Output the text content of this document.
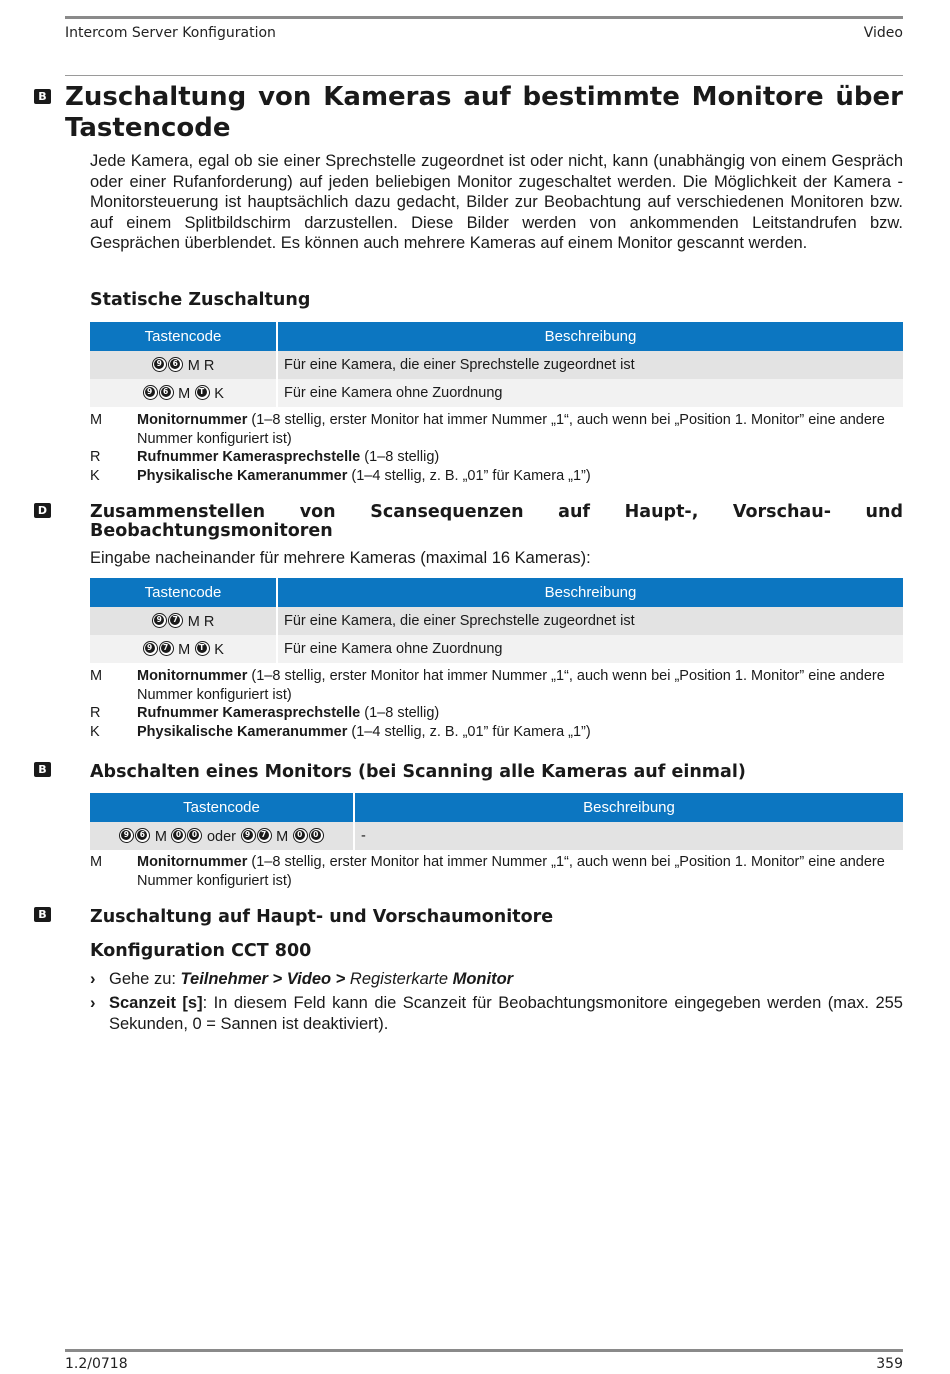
Intercom Server Konfiguration	Video
B Zuschaltung von Kameras auf bestimmte Monitore über Tastencode

Jede Kamera, egal ob sie einer Sprechstelle zugeordnet ist oder nicht, kann (unabhängig von einem Gespräch oder einer Rufanforderung) auf jeden beliebigen Monitor zugeschaltet werden. Die Möglichkeit der Kamera - Monitorsteuerung ist hauptsächlich dazu gedacht, Bilder zur Beobachtung auf verschiedenen Monitoren bzw. auf einem Splitbildschirm darzustellen. Diese Bilder werden von ankommenden Leitstandrufen bzw. Gesprächen überblendet. Es können auch mehrere Kameras auf einem Monitor gescannt werden.

Statische Zuschaltung
Tastencode	Beschreibung
96 M R	Für eine Kamera, die einer Sprechstelle zugeordnet ist
96 M T K	Für eine Kamera ohne Zuordnung
M Monitornummer (1–8 stellig, erster Monitor hat immer Nummer „1“, auch wenn bei „Position 1. Monitor” eine andere Nummer konfiguriert ist)
R	Rufnummer Kamerasprechstelle (1–8 stellig)
K	Physikalische Kameranummer (1–4 stellig, z. B. „01” für Kamera „1”)
D Zusammenstellen von Scansequenzen auf Haupt-, Vorschau- und Beobachtungsmonitoren

Eingabe nacheinander für mehrere Kameras (maximal 16 Kameras):

Tastencode	Beschreibung
97 M R	Für eine Kamera, die einer Sprechstelle zugeordnet ist
97 M T K	Für eine Kamera ohne Zuordnung
M Monitornummer (1–8 stellig, erster Monitor hat immer Nummer „1“, auch wenn bei „Position 1. Monitor” eine andere Nummer konfiguriert ist)
R	Rufnummer Kamerasprechstelle (1–8 stellig)
K	Physikalische Kameranummer (1–4 stellig, z. B. „01” für Kamera „1”)
B Abschalten eines Monitors (bei Scanning alle Kameras auf einmal)
Tastencode	Beschreibung
96 M 0 0 oder 9 7 M 00	-
M Monitornummer (1–8 stellig, erster Monitor hat immer Nummer „1“, auch wenn bei „Position 1. Monitor” eine andere Nummer konfiguriert ist)
B Zuschaltung auf Haupt- und Vorschaumonitore
Konfiguration CCT 800
› Gehe zu: Teilnehmer > Video > Registerkarte Monitor
› Scanzeit [s]: In diesem Feld kann die Scanzeit für Beobachtungsmonitore eingegeben werden (max. 255 Sekunden, 0 = Sannen ist deaktiviert).
1.2/0718	359
